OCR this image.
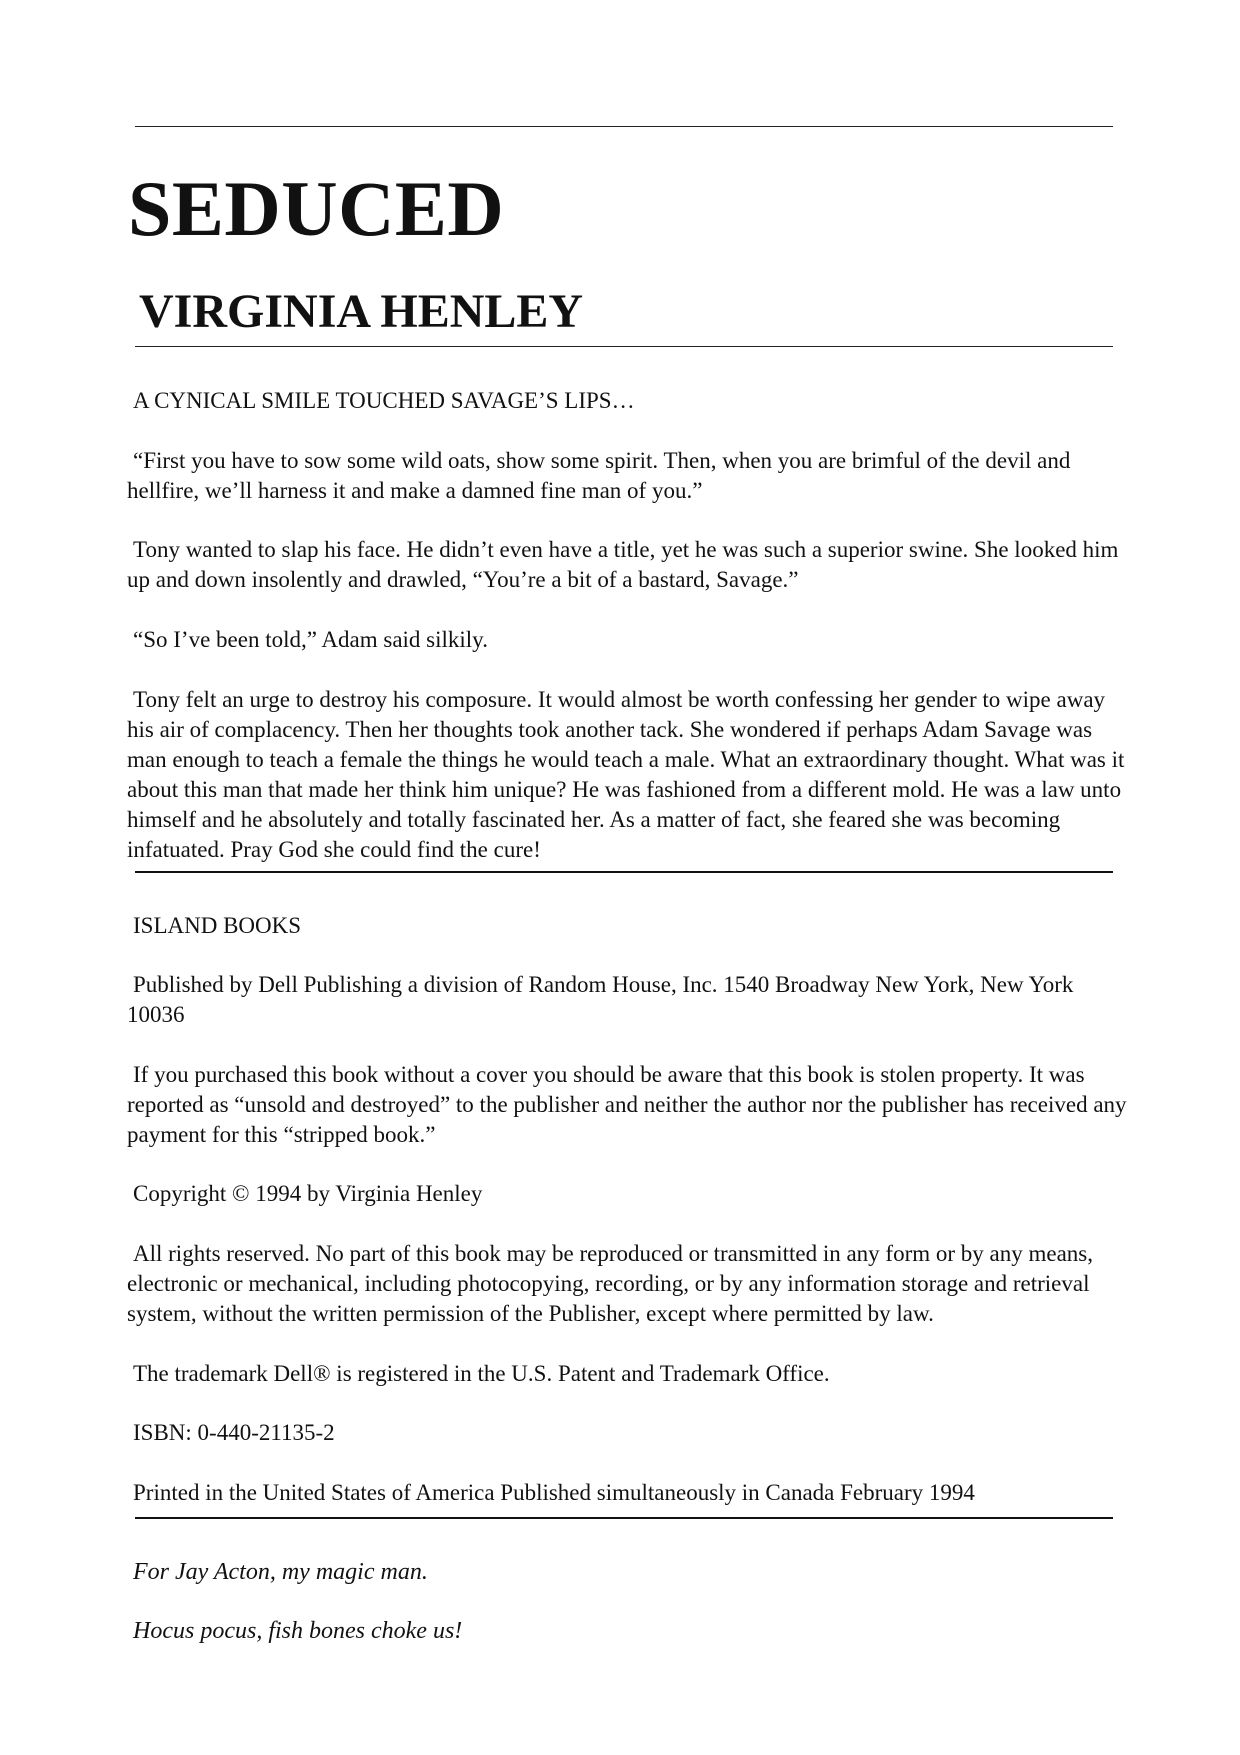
SEDUCED
VIRGINIA HENLEY

A CYNICAL SMILE TOUCHED SAVAGE’S LIPS…

“First you have to sow some wild oats, show some spirit. Then, when you are brimful of the devil and hellfire, we’ll harness it and make a damned fine man of you.”

Tony wanted to slap his face. He didn’t even have a title, yet he was such a superior swine. She looked him up and down insolently and drawled, “You’re a bit of a bastard, Savage.”

“So I’ve been told,” Adam said silkily.

Tony felt an urge to destroy his composure. It would almost be worth confessing her gender to wipe away his air of complacency. Then her thoughts took another tack. She wondered if perhaps Adam Savage was man enough to teach a female the things he would teach a male. What an extraordinary thought. What was it about this man that made her think him unique? He was fashioned from a different mold. He was a law unto himself and he absolutely and totally fascinated her. As a matter of fact, she feared she was becoming infatuated. Pray God she could find the cure!

ISLAND BOOKS

Published by Dell Publishing a division of Random House, Inc. 1540 Broadway New York, New York 10036

If you purchased this book without a cover you should be aware that this book is stolen property. It was reported as “unsold and destroyed” to the publisher and neither the author nor the publisher has received any payment for this “stripped book.”

Copyright © 1994 by Virginia Henley

All rights reserved. No part of this book may be reproduced or transmitted in any form or by any means, electronic or mechanical, including photocopying, recording, or by any information storage and retrieval system, without the written permission of the Publisher, except where permitted by law.

The trademark Dell® is registered in the U.S. Patent and Trademark Office.

ISBN: 0-440-21135-2

Printed in the United States of America Published simultaneously in Canada February 1994

For Jay Acton, my magic man.

Hocus pocus, fish bones choke us!
